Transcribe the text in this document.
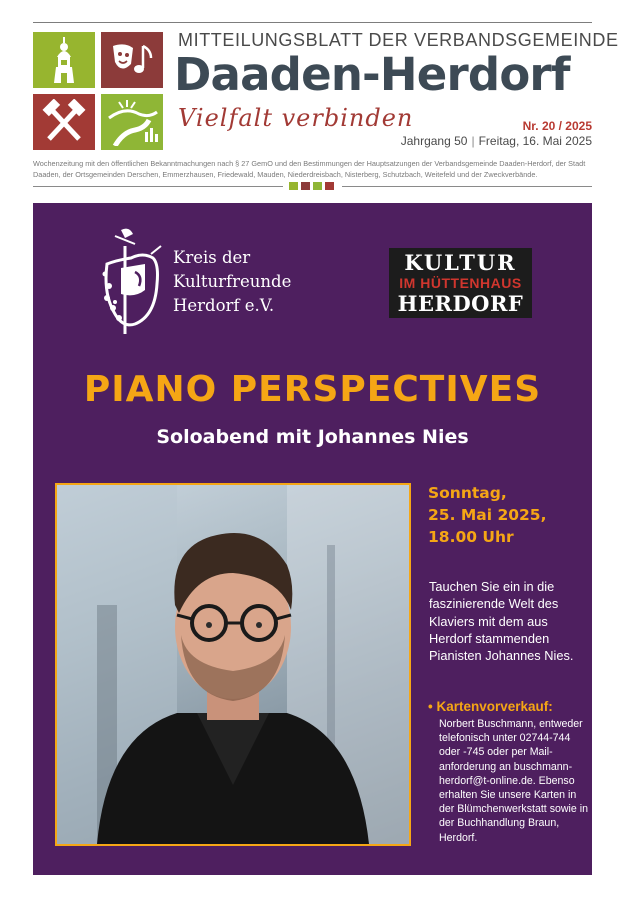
MITTEILUNGSBLATT DER VERBANDSGEMEINDE
Daaden-Herdorf
Vielfalt verbinden	Nr. 20 / 2025
Jahrgang 50 | Freitag, 16. Mai 2025
Wochenzeitung mit den öffentlichen Bekanntmachungen nach § 27 GemO und den Bestimmungen der Hauptsatzungen der Verbandsgemeinde Daaden-Herdorf, der Stadt Daaden, der Ortsgemeinden Derschen, Emmerzhausen, Friedewald, Mauden, Niederdreisbach, Nisterberg, Schutzbach, Weitefeld und der Zweckverbände.
Kreis der
Kulturfreunde
Herdorf e.V.
KULTUR
IM HÜTTENHAUS
HERDORF
PIANO PERSPECTIVES
Soloabend mit Johannes Nies
Sonntag,
25. Mai 2025,
18.00 Uhr
Tauchen Sie ein in die faszinierende Welt des Klaviers mit dem aus Herdorf stammenden Pianisten Johannes Nies.
• Kartenvorverkauf:
Norbert Buschmann, entweder telefonisch unter 02744-744 oder -745 oder per Mail-anforderung an buschmann-herdorf@t-online.de. Ebenso erhalten Sie unsere Karten in der Blümchenwerkstatt sowie in der Buchhandlung Braun, Herdorf.
